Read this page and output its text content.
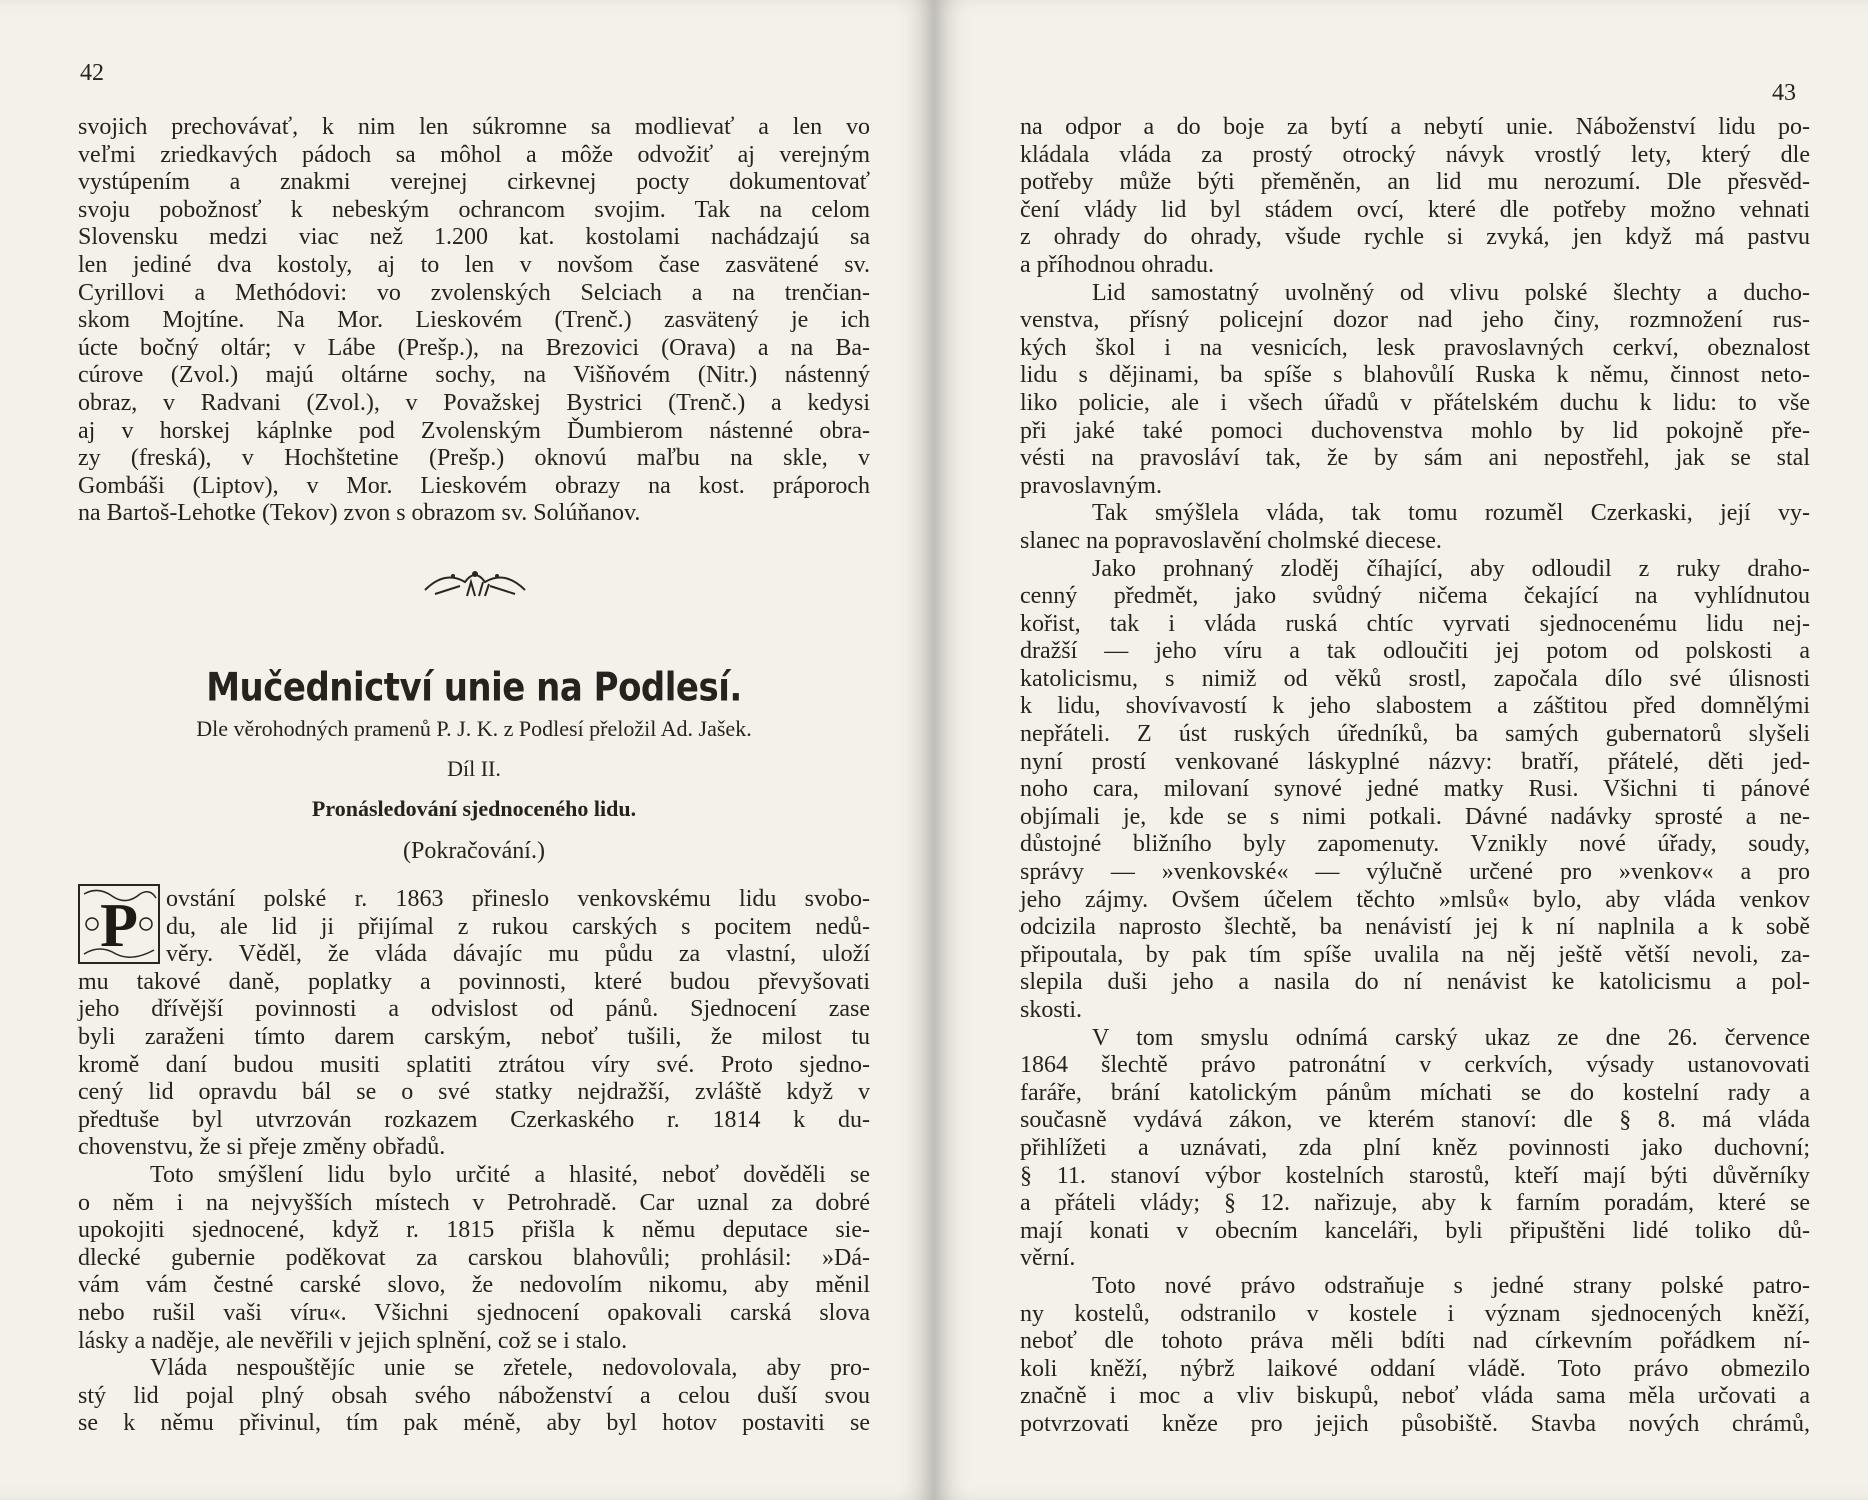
42
svojich prechovávať, k nim len súkromne sa modlievať a len vo
veľmi zriedkavých pádoch sa môhol a môže odvožiť aj verejným
vystúpením a znakmi verejnej cirkevnej pocty dokumentovať
svoju pobožnosť k nebeským ochrancom svojim. Tak na celom
Slovensku medzi viac než 1.200 kat. kostolami nachádzajú sa
len jediné dva kostoly, aj to len v novšom čase zasvätené sv.
Cyrillovi a Methódovi: vo zvolenských Selciach a na trenčian-
skom Mojtíne. Na Mor. Lieskovém (Trenč.) zasvätený je ich
úcte bočný oltár; v Lábe (Prešp.), na Brezovici (Orava) a na Ba-
cúrove (Zvol.) majú oltárne sochy, na Višňovém (Nitr.) nástenný
obraz, v Radvani (Zvol.), v Považskej Bystrici (Trenč.) a kedysi
aj v horskej káplnke pod Zvolenským Ďumbierom nástenné obra-
zy (freská), v Hochštetine (Prešp.) oknovú maľbu na skle, v
Gombáši (Liptov), v Mor. Lieskovém obrazy na kost. práporoch
na Bartoš-Lehotke (Tekov) zvon s obrazom sv. Solúňanov.
Mučednictví unie na Podlesí.
Dle věrohodných pramenů P. J. K. z Podlesí přeložil Ad. Jašek.
Díl II.
Pronásledování sjednoceného lidu.
(Pokračování.)
P ovstání polské r. 1863 přineslo venkovskému lidu svobo-
du, ale lid ji přijímal z rukou carských s pocitem nedů-
věry. Věděl, že vláda dávajíc mu půdu za vlastní, uloží
mu takové daně, poplatky a povinnosti, které budou převyšovati
jeho dřívější povinnosti a odvislost od pánů. Sjednocení zase
byli zaraženi tímto darem carským, neboť tušili, že milost tu
kromě daní budou musiti splatiti ztrátou víry své. Proto sjedno-
cený lid opravdu bál se o své statky nejdražší, zvláště když v
předtuše byl utvrzován rozkazem Czerkaského r. 1814 k du-
chovenstvu, že si přeje změny obřadů.
Toto smýšlení lidu bylo určité a hlasité, neboť dověděli se
o něm i na nejvyšších místech v Petrohradě. Car uznal za dobré
upokojiti sjednocené, když r. 1815 přišla k němu deputace sie-
dlecké gubernie poděkovat za carskou blahovůli; prohlásil: »Dá-
vám vám čestné carské slovo, že nedovolím nikomu, aby měnil
nebo rušil vaši víru«. Všichni sjednocení opakovali carská slova
lásky a naděje, ale nevěřili v jejich splnění, což se i stalo.
Vláda nespouštějíc unie se zřetele, nedovolovala, aby pro-
stý lid pojal plný obsah svého náboženství a celou duší svou
se k němu přivinul, tím pak méně, aby byl hotov postaviti se
43
na odpor a do boje za bytí a nebytí unie. Náboženství lidu po-
kládala vláda za prostý otrocký návyk vrostlý lety, který dle
potřeby může býti přeměněn, an lid mu nerozumí. Dle přesvěd-
čení vlády lid byl stádem ovcí, které dle potřeby možno vehnati
z ohrady do ohrady, všude rychle si zvyká, jen když má pastvu
a příhodnou ohradu.
Lid samostatný uvolněný od vlivu polské šlechty a ducho-
venstva, přísný policejní dozor nad jeho činy, rozmnožení rus-
kých škol i na vesnicích, lesk pravoslavných cerkví, obeznalost
lidu s dějinami, ba spíše s blahovůlí Ruska k němu, činnost neto-
liko policie, ale i všech úřadů v přátelském duchu k lidu: to vše
při jaké také pomoci duchovenstva mohlo by lid pokojně pře-
vésti na pravosláví tak, že by sám ani nepostřehl, jak se stal
pravoslavným.
Tak smýšlela vláda, tak tomu rozuměl Czerkaski, její vy-
slanec na popravoslavění cholmské diecese.
Jako prohnaný zloděj číhající, aby odloudil z ruky draho-
cenný předmět, jako svůdný ničema čekající na vyhlídnutou
kořist, tak i vláda ruská chtíc vyrvati sjednocenému lidu nej-
dražší — jeho víru a tak odloučiti jej potom od polskosti a
katolicismu, s nimiž od věků srostl, započala dílo své úlisnosti
k lidu, shovívavostí k jeho slabostem a záštitou před domnělými
nepřáteli. Z úst ruských úředníků, ba samých gubernatorů slyšeli
nyní prostí venkované láskyplné názvy: bratří, přátelé, děti jed-
noho cara, milovaní synové jedné matky Rusi. Všichni ti pánové
objímali je, kde se s nimi potkali. Dávné nadávky sprosté a ne-
důstojné bližního byly zapomenuty. Vznikly nové úřady, soudy,
správy — »venkovské« — výlučně určené pro »venkov« a pro
jeho zájmy. Ovšem účelem těchto »mlsů« bylo, aby vláda venkov
odcizila naprosto šlechtě, ba nenávistí jej k ní naplnila a k sobě
připoutala, by pak tím spíše uvalila na něj ještě větší nevoli, za-
slepila duši jeho a nasila do ní nenávist ke katolicismu a pol-
skosti.
V tom smyslu odnímá carský ukaz ze dne 26. července
1864 šlechtě právo patronátní v cerkvích, výsady ustanovovati
faráře, brání katolickým pánům míchati se do kostelní rady a
současně vydává zákon, ve kterém stanoví: dle § 8. má vláda
přihlížeti a uznávati, zda plní kněz povinnosti jako duchovní;
§ 11. stanoví výbor kostelních starostů, kteří mají býti důvěrníky
a přáteli vlády; § 12. nařizuje, aby k farním poradám, které se
mají konati v obecním kanceláři, byli připuštěni lidé toliko dů-
věrní.
Toto nové právo odstraňuje s jedné strany polské patro-
ny kostelů, odstranilo v kostele i význam sjednocených kněží,
neboť dle tohoto práva měli bdíti nad církevním pořádkem ní-
koli kněží, nýbrž laikové oddaní vládě. Toto právo obmezilo
značně i moc a vliv biskupů, neboť vláda sama měla určovati a
potvrzovati kněze pro jejich působiště. Stavba nových chrámů,
